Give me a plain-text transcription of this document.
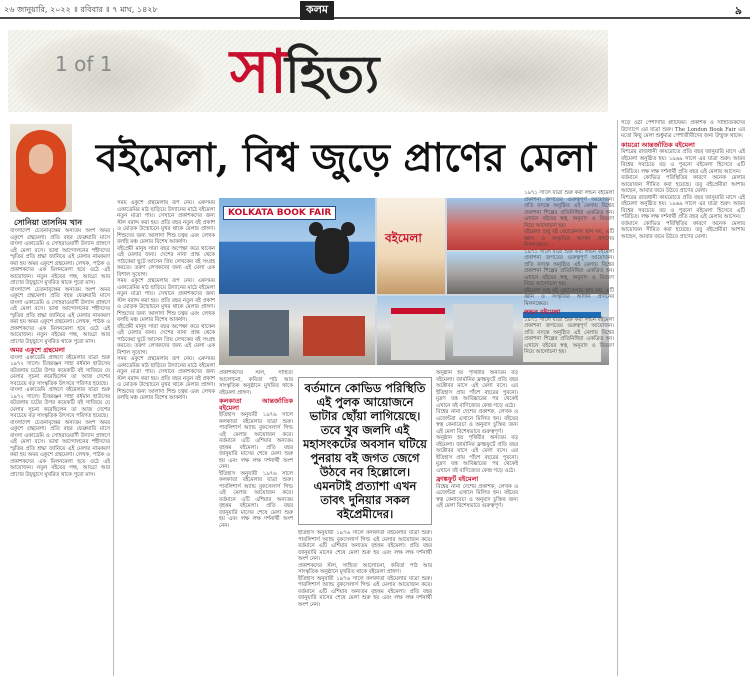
২৬ জানুয়ারি, ২০২২ ॥ রবিবার ॥ ৭ মাঘ, ১৪২৮	কলম	৯
1 of 1 সাহিত্য
সোনিয়া তাসনিম খান
বইমেলা, বিশ্ব জুড়ে প্রাণের মেলা
বাংলাদেশ চেতনাবৃক্ষের অন্যতম অংশ অমর একুশে গ্রন্থমেলা। প্রতি বছর ফেব্রুয়ারি মাসে বাংলা একাডেমি ও সোহরাওয়ার্দী উদ্যান প্রাঙ্গণে এই মেলা বসে। ভাষা আন্দোলনের শহীদদের স্মৃতির প্রতি শ্রদ্ধা জানিয়ে এই মেলার নামকরণ করা হয় অমর একুশে গ্রন্থমেলা। লেখক, পাঠক ও প্রকাশকদের এক মিলনমেলা হয়ে ওঠে এই আয়োজন। নতুন বইয়ের গন্ধ, আড্ডা আর প্রাণের উচ্ছ্বাসে মুখরিত থাকে পুরো মাস।
বাংলাদেশ চেতনাবৃক্ষের অন্যতম অংশ অমর একুশে গ্রন্থমেলা। প্রতি বছর ফেব্রুয়ারি মাসে বাংলা একাডেমি ও সোহরাওয়ার্দী উদ্যান প্রাঙ্গণে এই মেলা বসে। ভাষা আন্দোলনের শহীদদের স্মৃতির প্রতি শ্রদ্ধা জানিয়ে এই মেলার নামকরণ করা হয় অমর একুশে গ্রন্থমেলা। লেখক, পাঠক ও প্রকাশকদের এক মিলনমেলা হয়ে ওঠে এই আয়োজন। নতুন বইয়ের গন্ধ, আড্ডা আর প্রাণের উচ্ছ্বাসে মুখরিত থাকে পুরো মাস।
অমর একুশে গ্রন্থমেলা
বাংলা একাডেমি প্রাঙ্গণে বইমেলার যাত্রা শুরু ১৯৭২ সালে। চিত্তরঞ্জন সাহা বর্ধমান হাউসের বটতলায় চটের উপর কয়েকটি বই সাজিয়ে যে মেলার সূচনা করেছিলেন তা আজ দেশের সবচেয়ে বড় সাংস্কৃতিক উৎসবে পরিণত হয়েছে।
বাংলা একাডেমি প্রাঙ্গণে বইমেলার যাত্রা শুরু ১৯৭২ সালে। চিত্তরঞ্জন সাহা বর্ধমান হাউসের বটতলায় চটের উপর কয়েকটি বই সাজিয়ে যে মেলার সূচনা করেছিলেন তা আজ দেশের সবচেয়ে বড় সাংস্কৃতিক উৎসবে পরিণত হয়েছে।
বাংলাদেশ চেতনাবৃক্ষের অন্যতম অংশ অমর একুশে গ্রন্থমেলা। প্রতি বছর ফেব্রুয়ারি মাসে বাংলা একাডেমি ও সোহরাওয়ার্দী উদ্যান প্রাঙ্গণে এই মেলা বসে। ভাষা আন্দোলনের শহীদদের স্মৃতির প্রতি শ্রদ্ধা জানিয়ে এই মেলার নামকরণ করা হয় অমর একুশে গ্রন্থমেলা। লেখক, পাঠক ও প্রকাশকদের এক মিলনমেলা হয়ে ওঠে এই আয়োজন। নতুন বইয়ের গন্ধ, আড্ডা আর প্রাণের উচ্ছ্বাসে মুখরিত থাকে পুরো মাস।
সময় একুশে গ্রন্থমেলায় রূপ নেয়। একসময় একাডেমির মাঠ ছাড়িয়ে উদ্যানের মাঠে বইমেলা নতুন মাত্রা পায়। সেখানে প্রকাশকদের জন্য স্টল বরাদ্দ করা হয়। প্রতি বছর নতুন বই প্রকাশ ও মোড়ক উন্মোচনে মুখর থাকে মেলার প্রাঙ্গণ। শিশুদের জন্য আলাদা শিশু চত্বর এবং লেখক বলছি মঞ্চ মেলার বিশেষ আকর্ষণ।
বইপ্রেমী মানুষ সারা বছর অপেক্ষা করে থাকেন এই মেলার জন্য। দেশের নানা প্রান্ত থেকে পাঠকেরা ছুটে আসেন প্রিয় লেখকের বই সংগ্রহ করতে। তরুণ লেখকদের জন্য এই মেলা এক বিশাল সুযোগ।
সময় একুশে গ্রন্থমেলায় রূপ নেয়। একসময় একাডেমির মাঠ ছাড়িয়ে উদ্যানের মাঠে বইমেলা নতুন মাত্রা পায়। সেখানে প্রকাশকদের জন্য স্টল বরাদ্দ করা হয়। প্রতি বছর নতুন বই প্রকাশ ও মোড়ক উন্মোচনে মুখর থাকে মেলার প্রাঙ্গণ। শিশুদের জন্য আলাদা শিশু চত্বর এবং লেখক বলছি মঞ্চ মেলার বিশেষ আকর্ষণ।
বইপ্রেমী মানুষ সারা বছর অপেক্ষা করে থাকেন এই মেলার জন্য। দেশের নানা প্রান্ত থেকে পাঠকেরা ছুটে আসেন প্রিয় লেখকের বই সংগ্রহ করতে। তরুণ লেখকদের জন্য এই মেলা এক বিশাল সুযোগ।
সময় একুশে গ্রন্থমেলায় রূপ নেয়। একসময় একাডেমির মাঠ ছাড়িয়ে উদ্যানের মাঠে বইমেলা নতুন মাত্রা পায়। সেখানে প্রকাশকদের জন্য স্টল বরাদ্দ করা হয়। প্রতি বছর নতুন বই প্রকাশ ও মোড়ক উন্মোচনে মুখর থাকে মেলার প্রাঙ্গণ। শিশুদের জন্য আলাদা শিশু চত্বর এবং লেখক বলছি মঞ্চ মেলার বিশেষ আকর্ষণ।
KOLKATA BOOK FAIR
বইমেলা
প্রকাশকদের স্টল, সাহিত্য আলোচনা, কবিতা পাঠ আর সাংস্কৃতিক অনুষ্ঠানে মুখরিত থাকে বইমেলা প্রাঙ্গণ।
কলকাতা আন্তর্জাতিক বইমেলা
ইতিহাস অনুযায়ী ১৯৭৬ সালে কলকাতা বইমেলার যাত্রা শুরু। পাবলিশার্স অ্যান্ড বুকসেলার্স গিল্ড এই মেলার আয়োজন করে। বর্তমানে এটি এশিয়ার অন্যতম বৃহত্তম বইমেলা। প্রতি বছর জানুয়ারি মাসের শেষে মেলা শুরু হয় এবং লক্ষ লক্ষ দর্শনার্থী অংশ নেন।
ইতিহাস অনুযায়ী ১৯৭৬ সালে কলকাতা বইমেলার যাত্রা শুরু। পাবলিশার্স অ্যান্ড বুকসেলার্স গিল্ড এই মেলার আয়োজন করে। বর্তমানে এটি এশিয়ার অন্যতম বৃহত্তম বইমেলা। প্রতি বছর জানুয়ারি মাসের শেষে মেলা শুরু হয় এবং লক্ষ লক্ষ দর্শনার্থী অংশ নেন।
বর্তমানে কোভিড পরিস্থিতি এই পুলক আয়োজনে ভাটার ছোঁয়া লাগিয়েছে। তবে খুব জলদি এই মহাসংকটের অবসান ঘটিয়ে পুনরায় বই জগত জেগে উঠবে নব হিল্লোলে। এমনটাই প্রত্যাশা এখন তাবৎ দুনিয়ার সকল বইপ্রেমীদের।
ইতিহাস অনুযায়ী ১৯৭৬ সালে কলকাতা বইমেলার যাত্রা শুরু। পাবলিশার্স অ্যান্ড বুকসেলার্স গিল্ড এই মেলার আয়োজন করে। বর্তমানে এটি এশিয়ার অন্যতম বৃহত্তম বইমেলা। প্রতি বছর জানুয়ারি মাসের শেষে মেলা শুরু হয় এবং লক্ষ লক্ষ দর্শনার্থী অংশ নেন।
প্রকাশকদের স্টল, সাহিত্য আলোচনা, কবিতা পাঠ আর সাংস্কৃতিক অনুষ্ঠানে মুখরিত থাকে বইমেলা প্রাঙ্গণ।
ইতিহাস অনুযায়ী ১৯৭৬ সালে কলকাতা বইমেলার যাত্রা শুরু। পাবলিশার্স অ্যান্ড বুকসেলার্স গিল্ড এই মেলার আয়োজন করে। বর্তমানে এটি এশিয়ার অন্যতম বৃহত্তম বইমেলা। প্রতি বছর জানুয়ারি মাসের শেষে মেলা শুরু হয় এবং লক্ষ লক্ষ দর্শনার্থী অংশ নেন।
অনুষ্ঠান হয় পৃথিবীর অন্যতম বড় বইমেলা। জার্মানির ফ্রাঙ্কফুর্টে প্রতি বছর অক্টোবর মাসে এই মেলা বসে। এর ইতিহাস প্রায় পাঁচশ বছরের পুরনো। মুদ্রণ যন্ত্র আবিষ্কারের পর থেকেই এখানে বই বাণিজ্যের কেন্দ্র গড়ে ওঠে।
বিশ্বের নানা দেশের প্রকাশক, লেখক ও এজেন্টরা এখানে মিলিত হন। বইয়ের স্বত্ব কেনাবেচা ও অনুবাদ চুক্তির জন্য এই মেলা বিশেষভাবে গুরুত্বপূর্ণ।
অনুষ্ঠান হয় পৃথিবীর অন্যতম বড় বইমেলা। জার্মানির ফ্রাঙ্কফুর্টে প্রতি বছর অক্টোবর মাসে এই মেলা বসে। এর ইতিহাস প্রায় পাঁচশ বছরের পুরনো। মুদ্রণ যন্ত্র আবিষ্কারের পর থেকেই এখানে বই বাণিজ্যের কেন্দ্র গড়ে ওঠে।
ফ্রাঙ্কফুর্ট বইমেলা
বিশ্বের নানা দেশের প্রকাশক, লেখক ও এজেন্টরা এখানে মিলিত হন। বইয়ের স্বত্ব কেনাবেচা ও অনুবাদ চুক্তির জন্য এই মেলা বিশেষভাবে গুরুত্বপূর্ণ।
১৯৭১ সালে যাত্রা শুরু করা লন্ডন বইমেলা প্রকাশনা জগতের গুরুত্বপূর্ণ আয়োজন। প্রতি বসন্তে অনুষ্ঠিত এই মেলায় বিশ্বের প্রকাশনা শিল্পের প্রতিনিধিরা একত্রিত হন। এখানে বইয়ের স্বত্ব, অনুবাদ ও বিতরণ নিয়ে আলোচনা হয়।
বইমেলা শুধু বই বেচাকেনার স্থান নয়, এটি জ্ঞান ও সংস্কৃতির আদান প্রদানের মিলনক্ষেত্র।
১৯৭১ সালে যাত্রা শুরু করা লন্ডন বইমেলা প্রকাশনা জগতের গুরুত্বপূর্ণ আয়োজন। প্রতি বসন্তে অনুষ্ঠিত এই মেলায় বিশ্বের প্রকাশনা শিল্পের প্রতিনিধিরা একত্রিত হন। এখানে বইয়ের স্বত্ব, অনুবাদ ও বিতরণ নিয়ে আলোচনা হয়।
বইমেলা শুধু বই বেচাকেনার স্থান নয়, এটি জ্ঞান ও সংস্কৃতির আদান প্রদানের মিলনক্ষেত্র।
লন্ডন বইমেলা
১৯৭১ সালে যাত্রা শুরু করা লন্ডন বইমেলা প্রকাশনা জগতের গুরুত্বপূর্ণ আয়োজন। প্রতি বসন্তে অনুষ্ঠিত এই মেলায় বিশ্বের প্রকাশনা শিল্পের প্রতিনিধিরা একত্রিত হন। এখানে বইয়ের স্বত্ব, অনুবাদ ও বিতরণ নিয়ে আলোচনা হয়।
গড়ে ওঠা পেশাদারি প্ল্যাটফর্ম। প্রকাশক ও সাহিত্যিকদের উদ্যোগে এর যাত্রা শুরু। The London Book Fair এর মতো কিছু মেলা শুধুমাত্র পেশাজীবীদের জন্য উন্মুক্ত থাকে।
কায়রো আন্তর্জাতিক বইমেলা
মিশরের রাজধানী কায়রোতে প্রতি বছর জানুয়ারি মাসে এই বইমেলা অনুষ্ঠিত হয়। ১৯৬৯ সালে এর যাত্রা শুরু। আরব বিশ্বের সবচেয়ে বড় ও পুরনো বইমেলা হিসেবে এটি পরিচিত। লক্ষ লক্ষ দর্শনার্থী প্রতি বছর এই মেলায় আসেন।
বর্তমানে কোভিড পরিস্থিতির কারণে অনেক মেলার আয়োজন সীমিত করা হয়েছে। তবু বইপ্রেমীরা আশায় আছেন, আবার জমে উঠবে প্রাণের মেলা।
মিশরের রাজধানী কায়রোতে প্রতি বছর জানুয়ারি মাসে এই বইমেলা অনুষ্ঠিত হয়। ১৯৬৯ সালে এর যাত্রা শুরু। আরব বিশ্বের সবচেয়ে বড় ও পুরনো বইমেলা হিসেবে এটি পরিচিত। লক্ষ লক্ষ দর্শনার্থী প্রতি বছর এই মেলায় আসেন।
বর্তমানে কোভিড পরিস্থিতির কারণে অনেক মেলার আয়োজন সীমিত করা হয়েছে। তবু বইপ্রেমীরা আশায় আছেন, আবার জমে উঠবে প্রাণের মেলা।
